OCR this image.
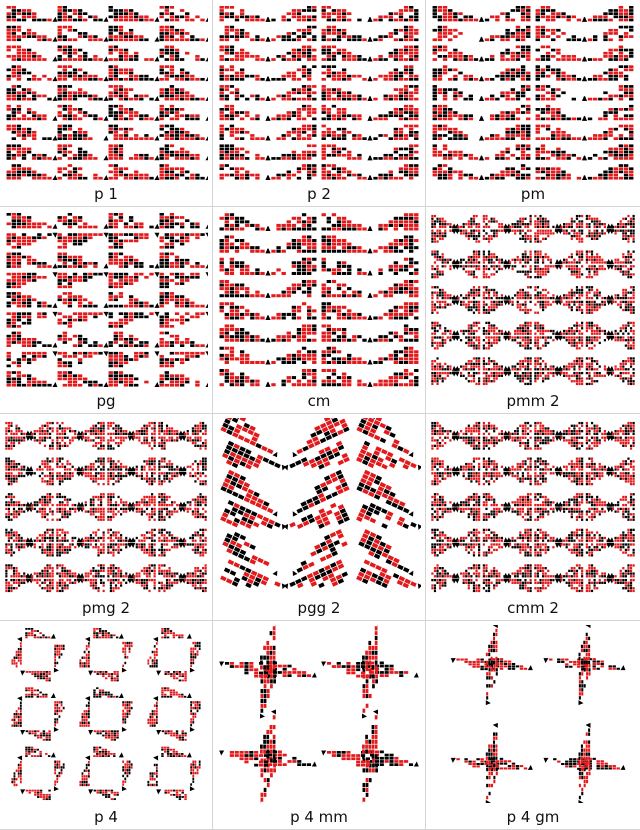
p 1	p 2	pm
pg	cm	pmm 2
pmg 2	pgg 2	cmm 2
p 4	p 4 mm	p 4 gm
